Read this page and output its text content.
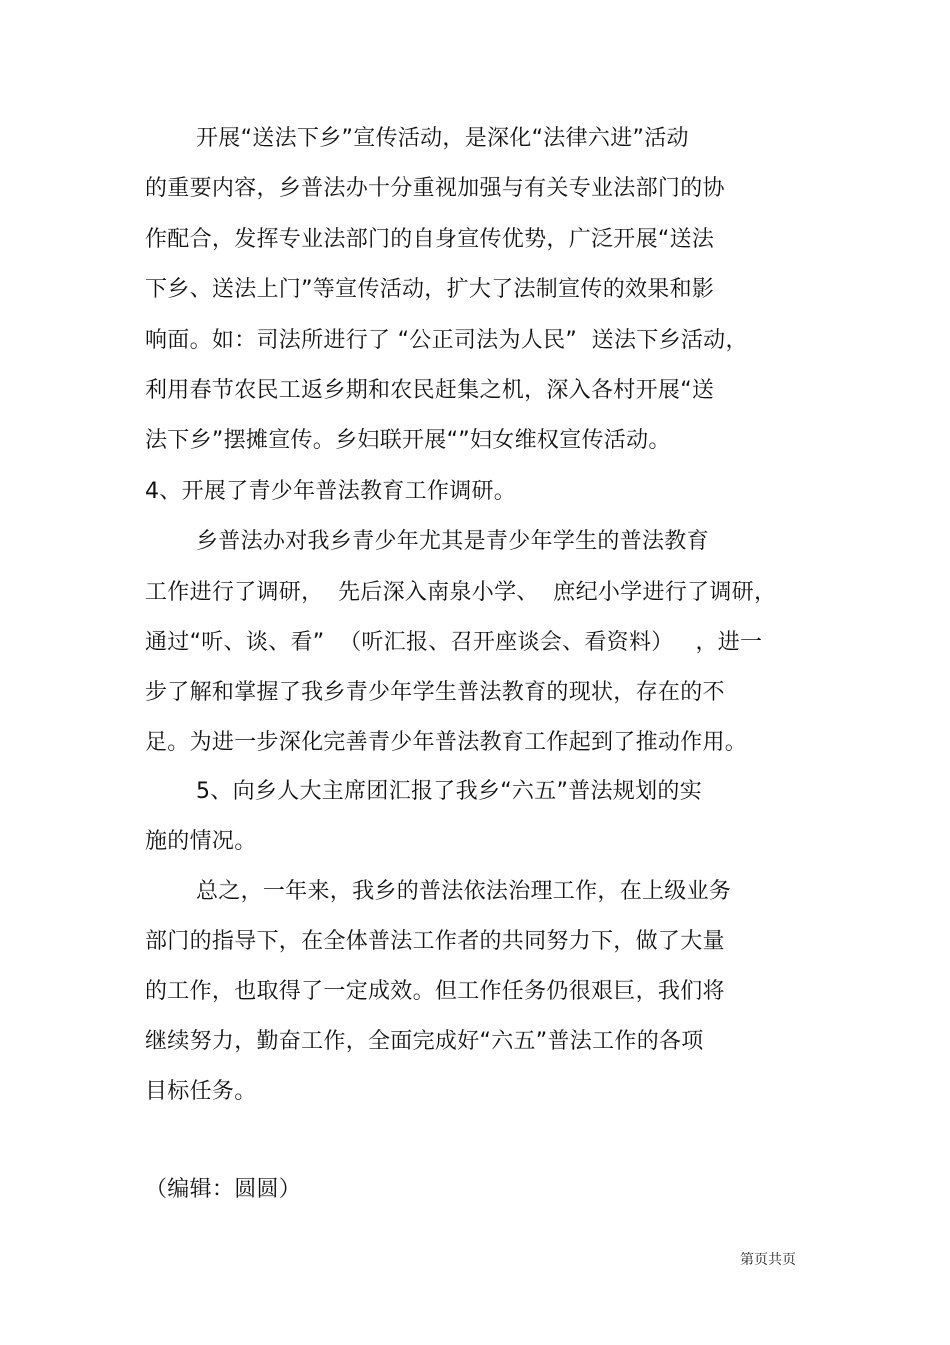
开展“送法下乡”宣传活动，是深化“法律六进”活动
的重要内容，乡普法办十分重视加强与有关专业法部门的协
作配合，发挥专业法部门的自身宣传优势，广泛开展“送法
下乡、送法上门”等宣传活动，扩大了法制宣传的效果和影
响面。如：司法所进行了 “公正司法为人民”  送法下乡活动，
利用春节农民工返乡期和农民赶集之机，深入各村开展“送
法下乡”摆摊宣传。乡妇联开展“”妇女维权宣传活动。
4、开展了青少年普法教育工作调研。
乡普法办对我乡青少年尤其是青少年学生的普法教育
工作进行了调研，  先后深入南泉小学、  庶纪小学进行了调研，
通过“听、谈、看”  （听汇报、召开座谈会、看资料）   ，进一
步了解和掌握了我乡青少年学生普法教育的现状，存在的不
足。为进一步深化完善青少年普法教育工作起到了推动作用。
5、向乡人大主席团汇报了我乡“六五”普法规划的实
施的情况。
总之，一年来，我乡的普法依法治理工作，在上级业务
部门的指导下，在全体普法工作者的共同努力下，做了大量
的工作，也取得了一定成效。但工作任务仍很艰巨，我们将
继续努力，勤奋工作，全面完成好“六五”普法工作的各项
目标任务。
（编辑：圆圆）
第页共页
